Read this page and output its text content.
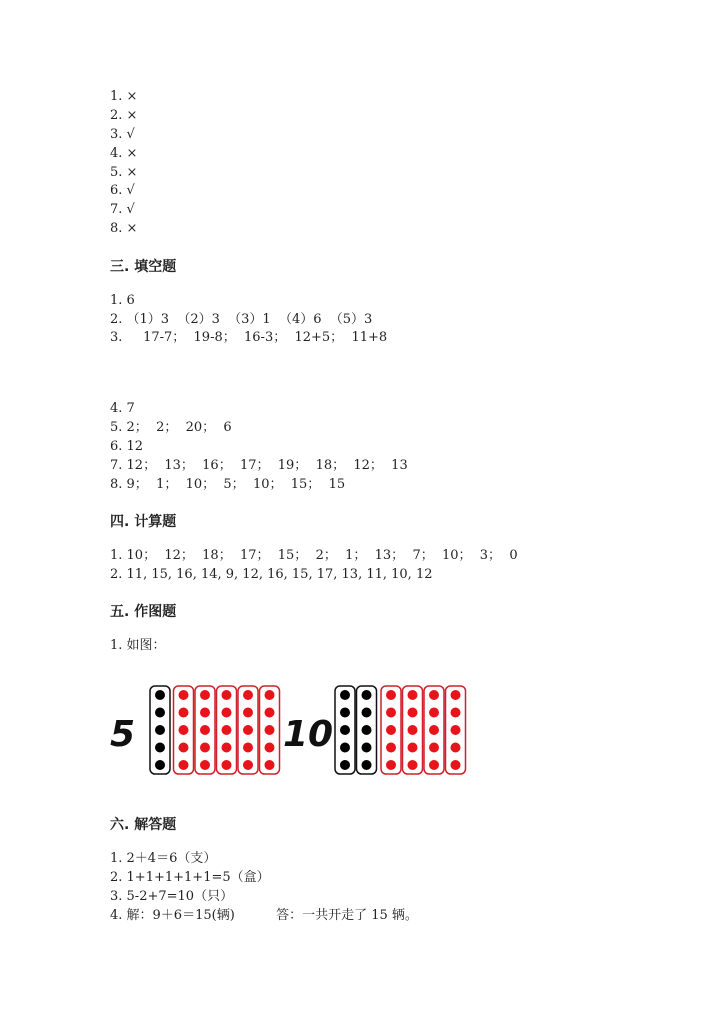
1. ×
2. ×
3. √
4. ×
5. ×
6. √
7. √
8. ×
三. 填空题
1. 6
2. （1）3  （2）3  （3）1  （4）6  （5）3
3.     17-7；  19-8；  16-3；  12+5；  11+8
4. 7
5. 2；  2；  20；  6
6. 12
7. 12；  13；  16；  17；  19；  18；  12；  13
8. 9；  1；  10；  5；  10；  15；  15
四. 计算题
1. 10；  12；  18；  17；  15；  2；  1；  13；  7；  10；  3；  0
2. 11, 15, 16, 14, 9, 12, 16, 15, 17, 13, 11, 10, 12
五. 作图题
1. 如图：
5	10
六. 解答题
1. 2＋4＝6（支）
2. 1+1+1+1+1=5（盒）
3. 5-2+7=10（只）
4. 解：9＋6＝15(辆)          答：一共开走了 15 辆。
